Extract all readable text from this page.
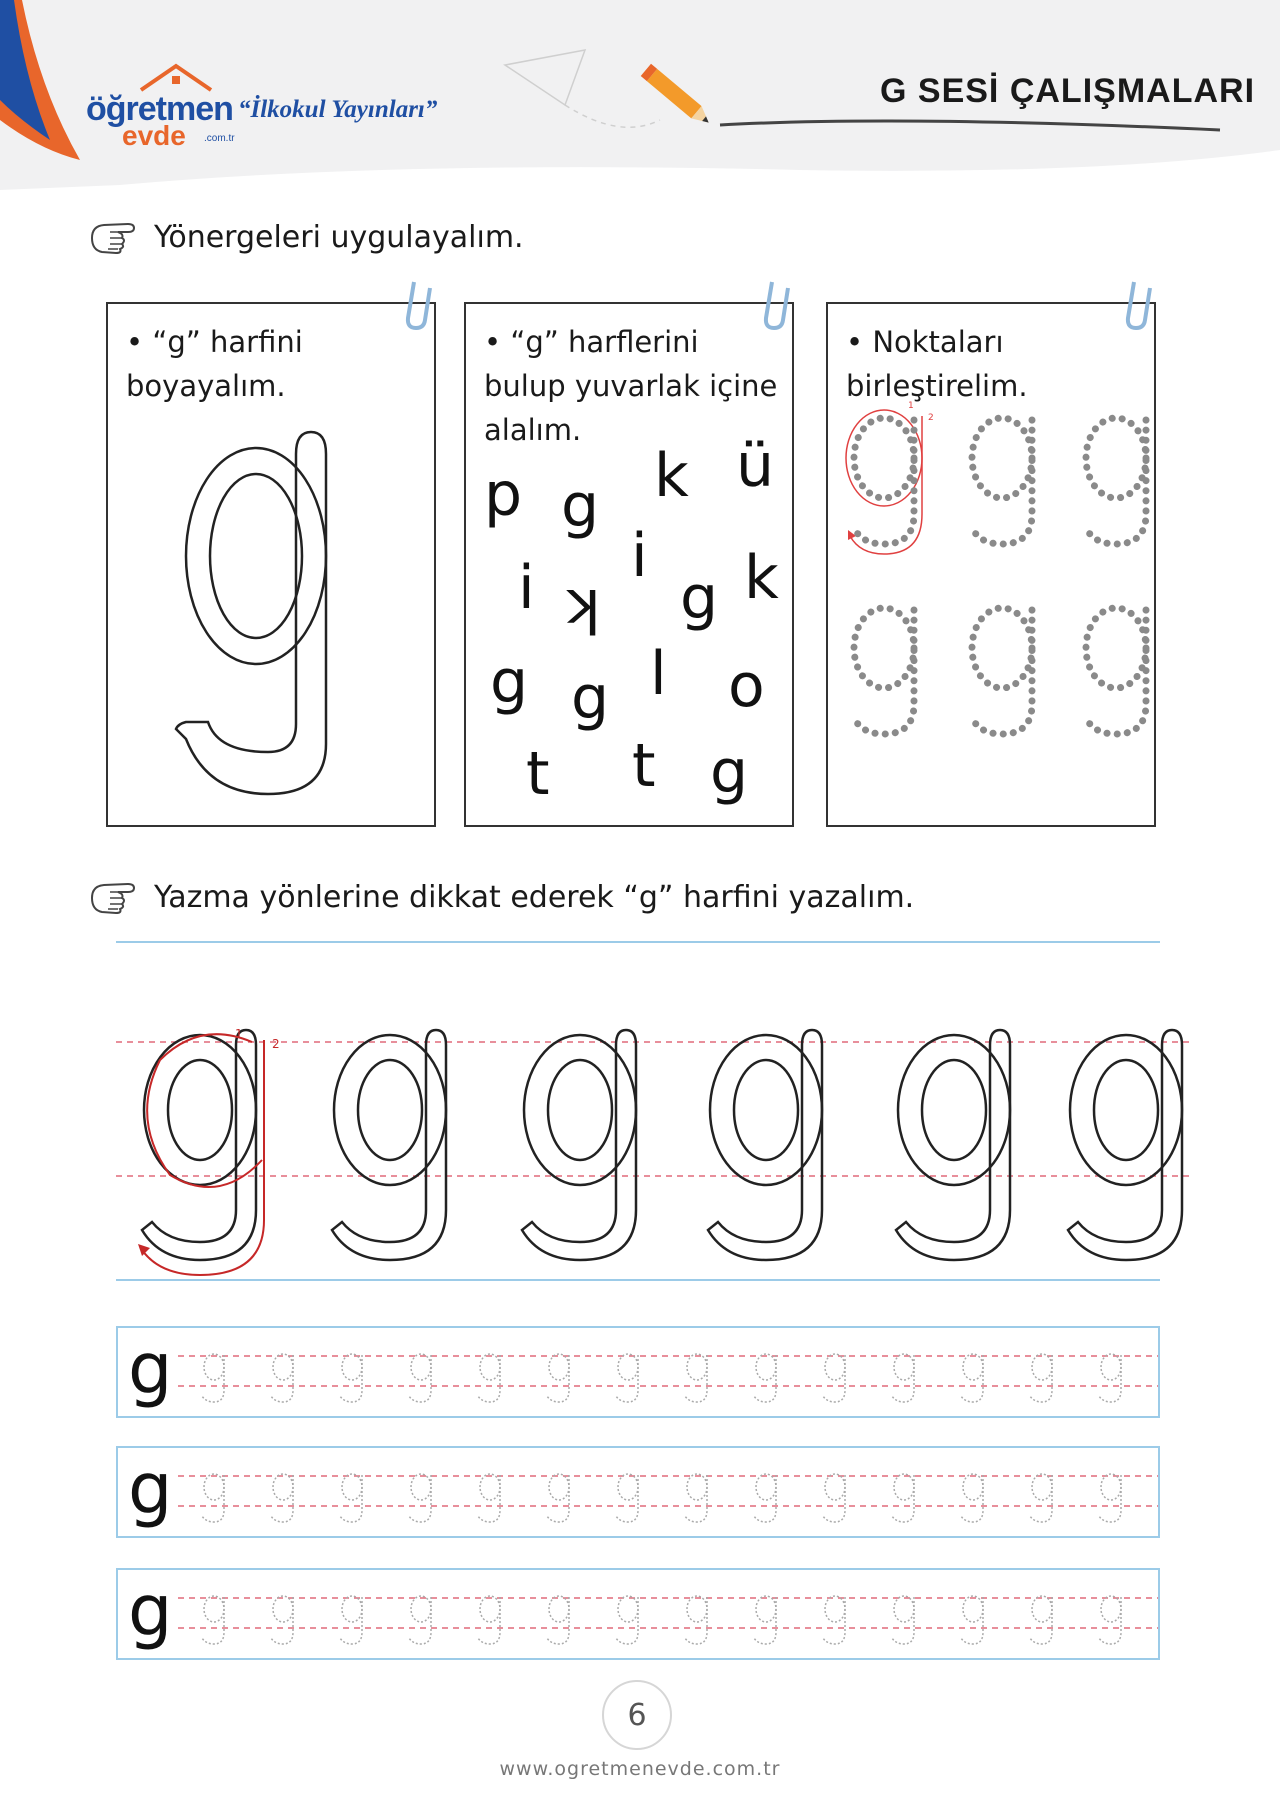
öğretmen
evde .com.tr
“İlkokul Yayınları”	G SESİ ÇALIŞMALARI
Yönergeleri uygulayalım.
• “g” harfini boyayalım.
• “g” harflerini bulup yuvarlak içine alalım.
b g k ü
i i
k g k
g g l o
t t g
• Noktaları birleştirelim.
1
2
Yazma yönlerine dikkat ederek “g” harfini yazalım.
1
2
g
g
g
6
www.ogretmenevde.com.tr
